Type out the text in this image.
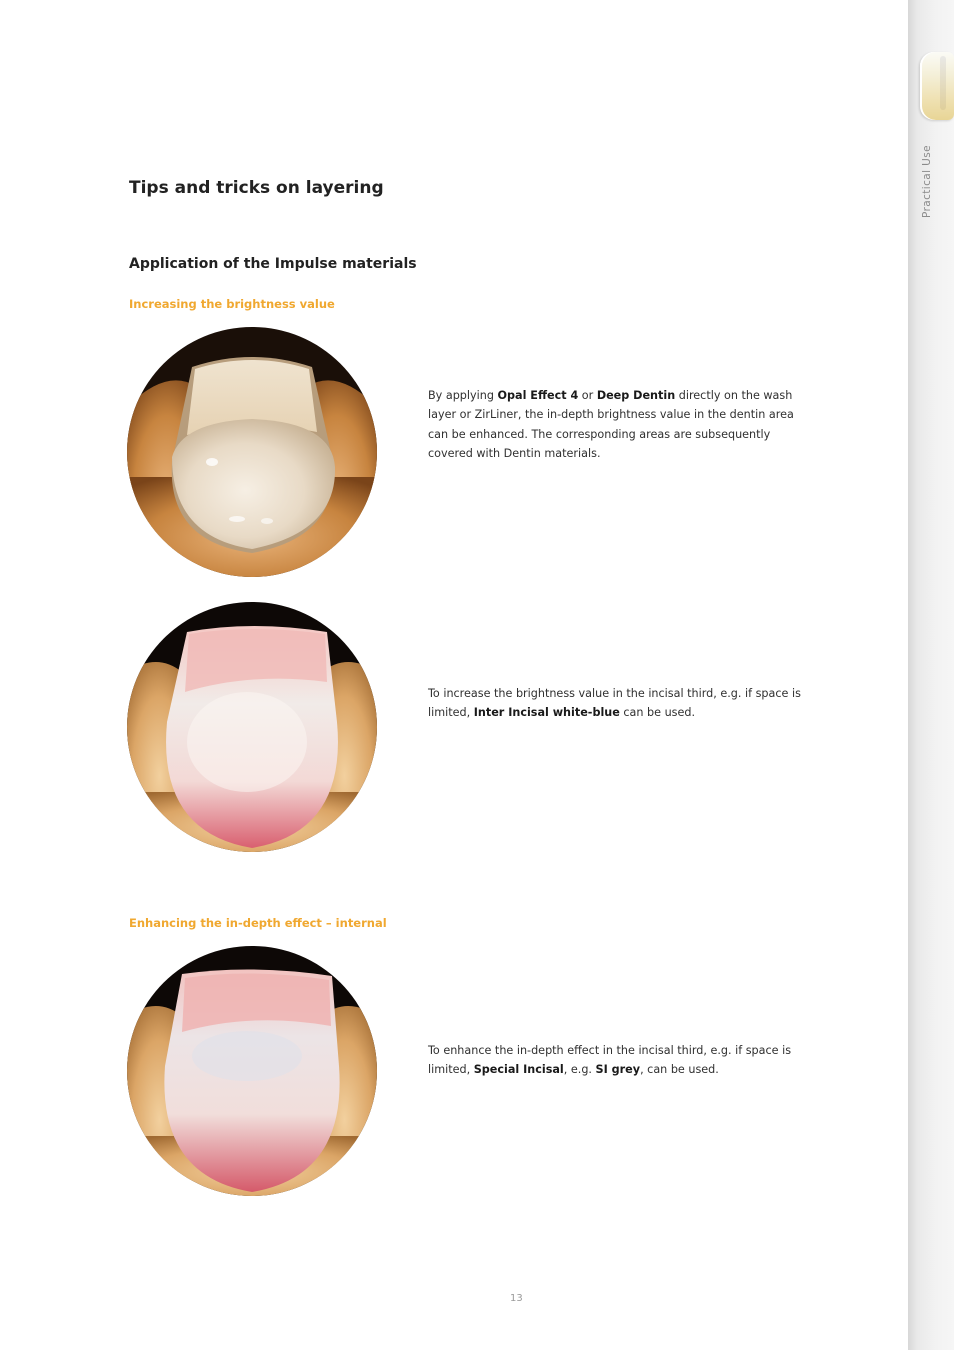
Practical Use
Tips and tricks on layering
Application of the Impulse materials
Increasing the brightness value
Enhancing the in-depth effect – internal

By applying Opal Effect 4 or Deep Dentin directly on the wash layer or ZirLiner, the in-depth brightness value in the dentin area can be enhanced. The corresponding areas are subsequently covered with Dentin materials.

To increase the brightness value in the incisal third, e.g. if space is limited, Inter Incisal white-blue can be used.

To enhance the in-depth effect in the incisal third, e.g. if space is limited, Special Incisal, e.g. SI grey, can be used.

13
